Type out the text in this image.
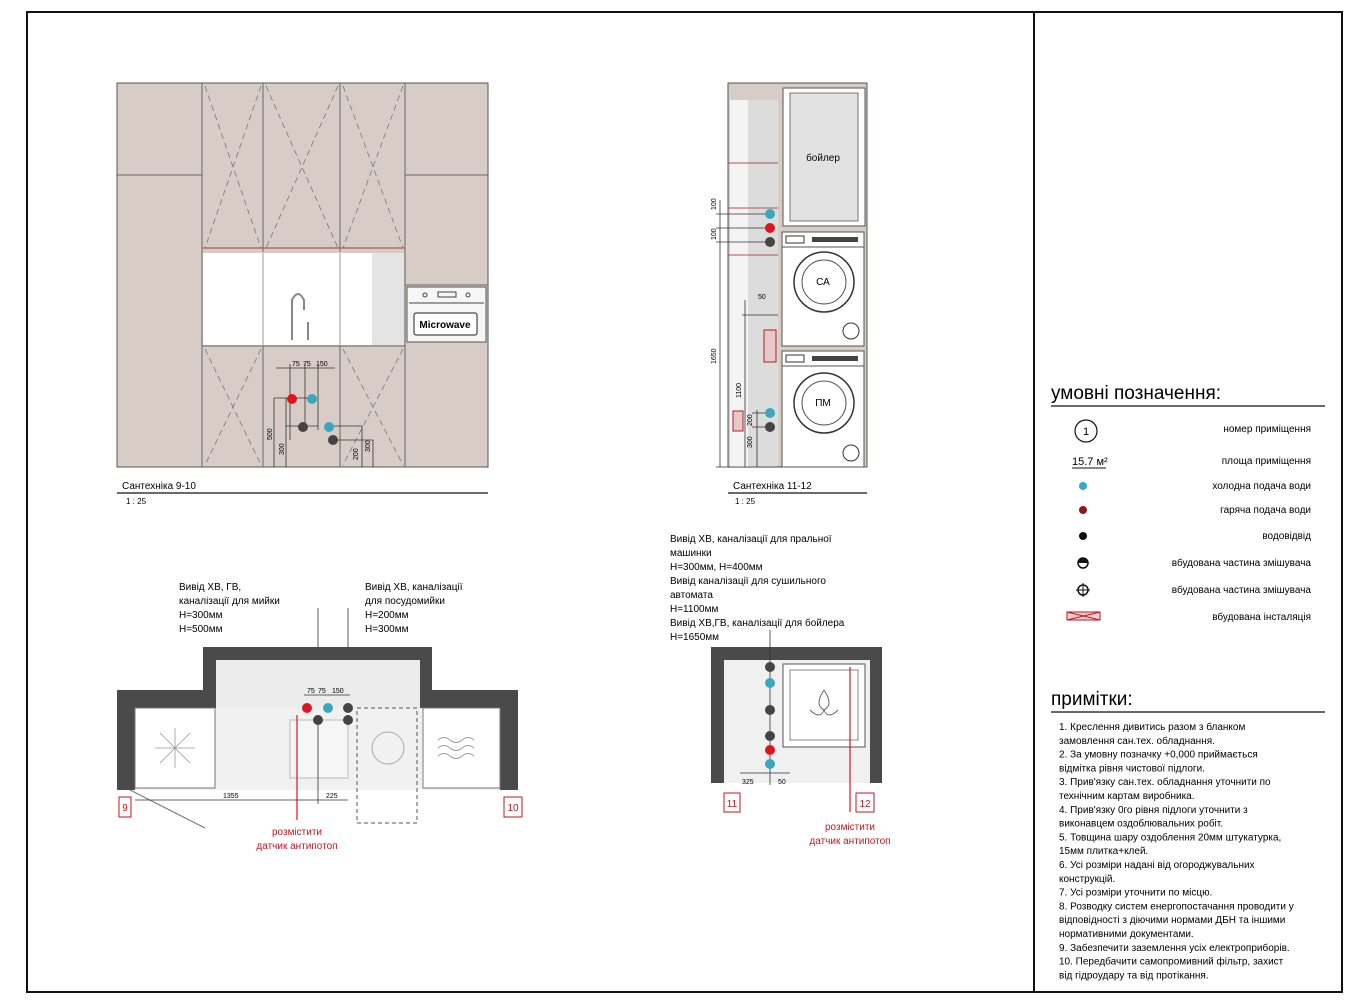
Microwave
75 75 150
500
300	200
300
Сантехніка 9-10
1 : 25
бойлер
СА
ПМ
100
100
1650
1100
200
300
50
Сантехніка 11-12
1 : 25
Вивід ХВ, ГВ,
каналізації для мийки
H=300мм
H=500мм
Вивід ХВ, каналізації
для посудомийки
H=200мм
H=300мм
75 75 150
1355	225
9	10
розмістити
датчик антипотоп
Вивід ХВ, каналізації для пральної
машинки
H=300мм, H=400мм
Вивід каналізації для сушильного
автомата
H=1100мм
Вивід ХВ,ГВ, каналізації для бойлера
H=1650мм
325	50
11	12
розмістити
датчик антипотоп
умовні позначення:
1	номер приміщення
15.7 м²	площа приміщення
холодна подача води
гаряча подача води
водовідвід
вбудована частина змішувача
вбудована частина змішувача
вбудована інсталяція
примітки:
1. Креслення дивитись разом з бланком
замовлення сан.тех. обладнання.
2. За умовну позначку +0,000 приймається
відмітка рівня чистової підлоги.
3. Прив'язку сан.тех. обладнання уточнити по
технічним картам виробника.
4. Прив'язку 0го рівня підлоги уточнити з
виконавцем оздоблювальних робіт.
5. Товщина шару оздоблення 20мм штукатурка,
15мм плитка+клей.
6. Усі розміри надані від огороджувальних
конструкцій.
7. Усі розміри уточнити по місцю.
8. Розводку систем енергопостачання проводити у
відповідності з діючими нормами ДБН та іншими
нормативними документами.
9. Забезпечити заземлення усіх електроприборів.
10. Передбачити самопромивний фільтр, захист
від гідроудару та від протікання.
